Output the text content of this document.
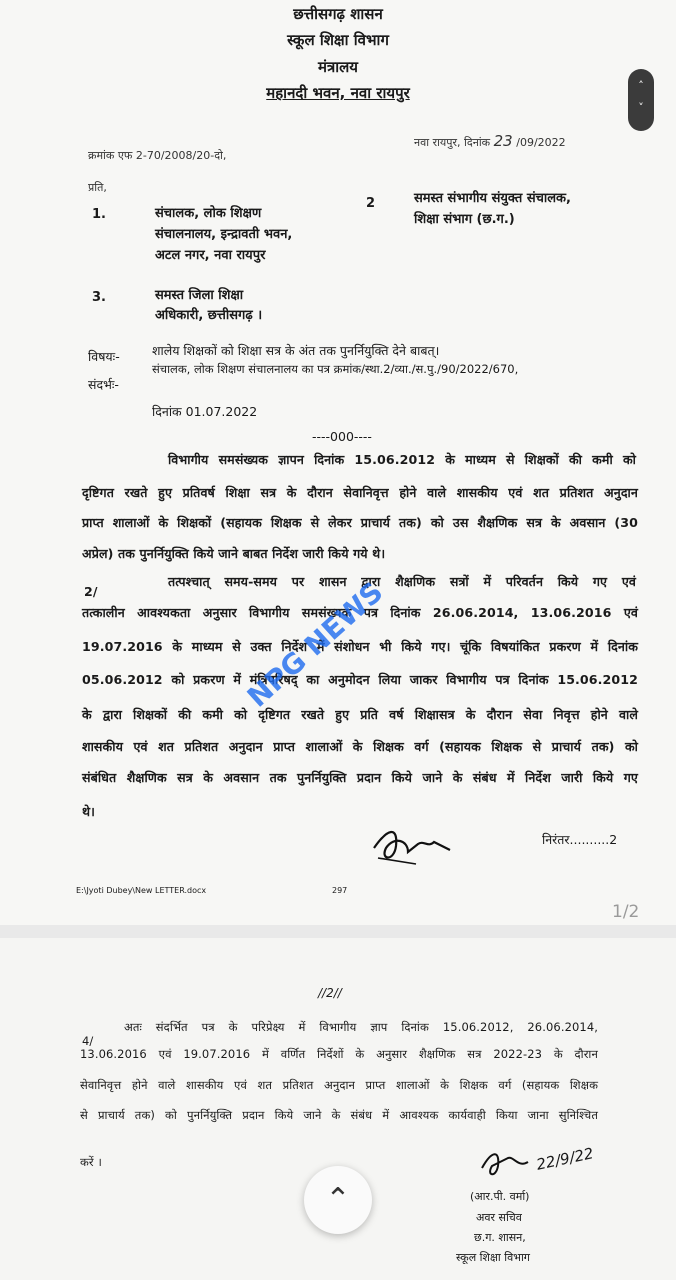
छत्तीसगढ़ शासन
स्कूल शिक्षा विभाग
मंत्रालय
महानदी भवन, नवा रायपुर
नवा रायपुर, दिनांक 23 /09/2022
क्रमांक एफ 2-70/2008/20-दो,
प्रति,
1.	संचालक, लोक शिक्षण
संचालनालय, इन्द्रावती भवन,
अटल नगर, नवा रायपुर
2	समस्त संभागीय संयुक्त संचालक,
शिक्षा संभाग (छ.ग.)
3.	समस्त जिला शिक्षा
अधिकारी, छत्तीसगढ़ ।
विषयः-	शालेय शिक्षकों को शिक्षा सत्र के अंत तक पुनर्नियुक्ति देने बाबत्।
संदर्भः-
संचालक, लोक शिक्षण संचालनालय का पत्र क्रमांक/स्था.2/व्या./स.पु./90/2022/670,
दिनांक 01.07.2022
----000----
विभागीय समसंख्यक ज्ञापन दिनांक 15.06.2012 के माध्यम से शिक्षकों की कमी को
दृष्टिगत रखते हुए प्रतिवर्ष शिक्षा सत्र के दौरान सेवानिवृत्त होने वाले शासकीय एवं शत प्रतिशत अनुदान
प्राप्त शालाओं के शिक्षकों (सहायक शिक्षक से लेकर प्राचार्य तक) को उस शैक्षणिक सत्र के अवसान (30
अप्रेल) तक पुनर्नियुक्ति किये जाने बाबत निर्देश जारी किये गये थे।
2/
तत्पश्चात् समय-समय पर शासन द्वारा शैक्षणिक सत्रों में परिवर्तन किये गए एवं
तत्कालीन आवश्यकता अनुसार विभागीय समसंख्यक पत्र दिनांक 26.06.2014, 13.06.2016 एवं
19.07.2016 के माध्यम से उक्त निर्देश में संशोधन भी किये गए। चूंकि विषयांकित प्रकरण में दिनांक
05.06.2012 को प्रकरण में मंत्रिपरिषद् का अनुमोदन लिया जाकर विभागीय पत्र दिनांक 15.06.2012
के द्वारा शिक्षकों की कमी को दृष्टिगत रखते हुए प्रति वर्ष शिक्षासत्र के दौरान सेवा निवृत्त होने वाले
शासकीय एवं शत प्रतिशत अनुदान प्राप्त शालाओं के शिक्षक वर्ग (सहायक शिक्षक से प्राचार्य तक) को
संबंधित शैक्षणिक सत्र के अवसान तक पुनर्नियुक्ति प्रदान किये जाने के संबंध में निर्देश जारी किये गए
थे।
निरंतर..........2
E:\Jyoti Dubey\New LETTER.docx	297
NPG NEWS
1/2
˄
˅
//2//
4/
अतः संदर्भित पत्र के परिप्रेक्ष्य में विभागीय ज्ञाप दिनांक 15.06.2012, 26.06.2014,
13.06.2016 एवं 19.07.2016 में वर्णित निर्देशों के अनुसार शैक्षणिक सत्र 2022-23 के दौरान
सेवानिवृत्त होने वाले शासकीय एवं शत प्रतिशत अनुदान प्राप्त शालाओं के शिक्षक वर्ग (सहायक शिक्षक
से प्राचार्य तक) को पुनर्नियुक्ति प्रदान किये जाने के संबंध में आवश्यक कार्यवाही किया जाना सुनिश्चित
करें ।	22/9/22
(आर.पी. वर्मा)
अवर सचिव
छ.ग. शासन,
स्कूल शिक्षा विभाग
⌃
